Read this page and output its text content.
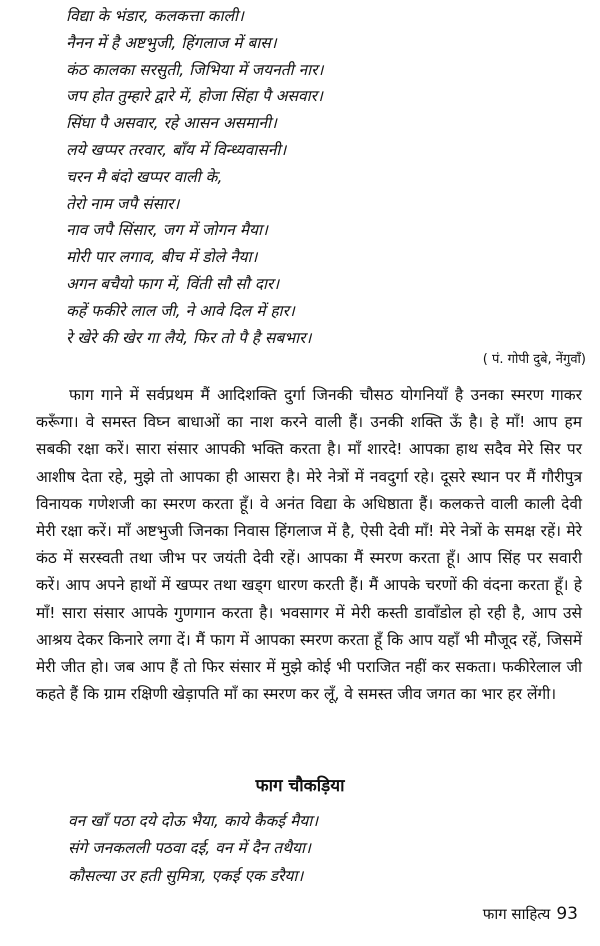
विद्या के भंडार, कलकत्ता काली।
नैनन में है अष्टभुजी, हिंगलाज में बास।
कंठ कालका सरसुती, जिभिया में जयनती नार।
जप होत तुम्हारे द्वारे में, होजा सिंहा पै असवार।
सिंघा पै असवार, रहे आसन असमानी।
लये खप्पर तरवार, बाँय में विन्ध्यवासनी।
चरन मै बंदो खप्पर वाली के,
तेरो नाम जपै संसार।
नाव जपै सिंसार, जग में जोगन मैया।
मोरी पार लगाव, बीच में डोले नैया।
अगन बचैयो फाग में, विंती सौ सौ दार।
कहें फकीरे लाल जी, ने आवे दिल में हार।
रे खेरे की खेर गा लैये, फिर तो पै है सबभार।
( पं. गोपी दुबे, नेंगुवाँ)

फाग गाने में सर्वप्रथम मैं आदिशक्ति दुर्गा जिनकी चौसठ योगनियाँ है उनका स्मरण गाकर करूँगा। वे समस्त विघ्न बाधाओं का नाश करने वाली हैं। उनकी शक्ति ऊँ है। हे माँ! आप हम सबकी रक्षा करें। सारा संसार आपकी भक्ति करता है। माँ शारदे! आपका हाथ सदैव मेरे सिर पर आशीष देता रहे, मुझे तो आपका ही आसरा है। मेरे नेत्रों में नवदुर्गा रहे। दूसरे स्थान पर मैं गौरीपुत्र विनायक गणेशजी का स्मरण करता हूँ। वे अनंत विद्या के अधिष्ठाता हैं। कलकत्ते वाली काली देवी मेरी रक्षा करें। माँ अष्टभुजी जिनका निवास हिंगलाज में है, ऐसी देवी माँ! मेरे नेत्रों के समक्ष रहें। मेरे कंठ में सरस्वती तथा जीभ पर जयंती देवी रहें। आपका मैं स्मरण करता हूँ। आप सिंह पर सवारी करें। आप अपने हाथों में खप्पर तथा खड्ग धारण करती हैं। मैं आपके चरणों की वंदना करता हूँ। हे माँ! सारा संसार आपके गुणगान करता है। भवसागर में मेरी कस्ती डावाँडोल हो रही है, आप उसे आश्रय देकर किनारे लगा दें। मैं फाग में आपका स्मरण करता हूँ कि आप यहाँ भी मौजूद रहें, जिसमें मेरी जीत हो। जब आप हैं तो फिर संसार में मुझे कोई भी पराजित नहीं कर सकता। फकीरेलाल जी कहते हैं कि ग्राम रक्षिणी खेड़ापति माँ का स्मरण कर लूँ, वे समस्त जीव जगत का भार हर लेंगी।

फाग चौकड़िया
वन खाँ पठा दये दोऊ भैया, काये कैकई मैया।
संगे जनकलली पठवा दई, वन में दैन तथैया।
कौसल्या उर हती सुमित्रा, एकई एक डरैया।
फाग साहित्य 93
